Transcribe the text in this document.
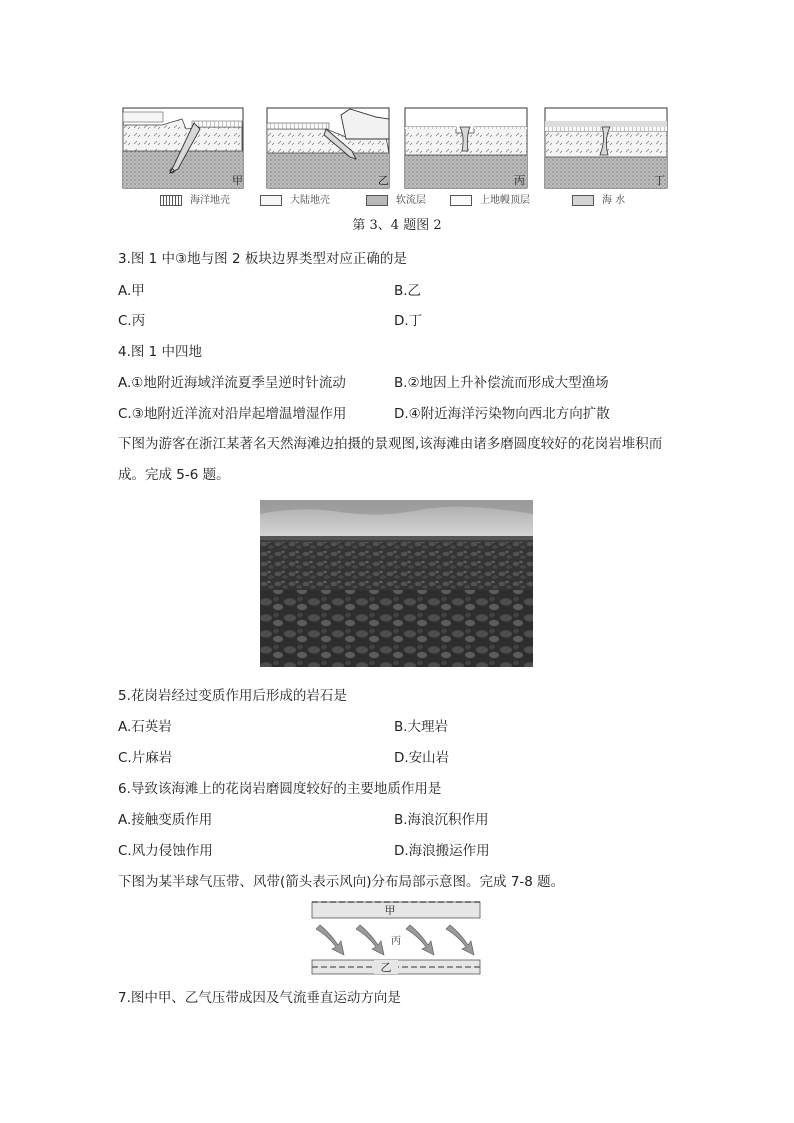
甲	乙	丙	丁
海洋地壳	大陆地壳	软流层	上地幔顶层	海 水
第 3、4 题图 2
3.图 1 中③地与图 2 板块边界类型对应正确的是
A.甲	B.乙
C.丙	D.丁
4.图 1 中四地
A.①地附近海域洋流夏季呈逆时针流动	B.②地因上升补偿流而形成大型渔场
C.③地附近洋流对沿岸起增温增湿作用	D.④附近海洋污染物向西北方向扩散
下图为游客在浙江某著名天然海滩边拍摄的景观图,该海滩由诸多磨圆度较好的花岗岩堆积而成。完成 5-6 题。
5.花岗岩经过变质作用后形成的岩石是
A.石英岩	B.大理岩
C.片麻岩	D.安山岩
6.导致该海滩上的花岗岩磨圆度较好的主要地质作用是
A.接触变质作用	B.海浪沉积作用
C.风力侵蚀作用	D.海浪搬运作用
下图为某半球气压带、风带(箭头表示风向)分布局部示意图。完成 7-8 题。
甲
丙
乙
7.图中甲、乙气压带成因及气流垂直运动方向是
